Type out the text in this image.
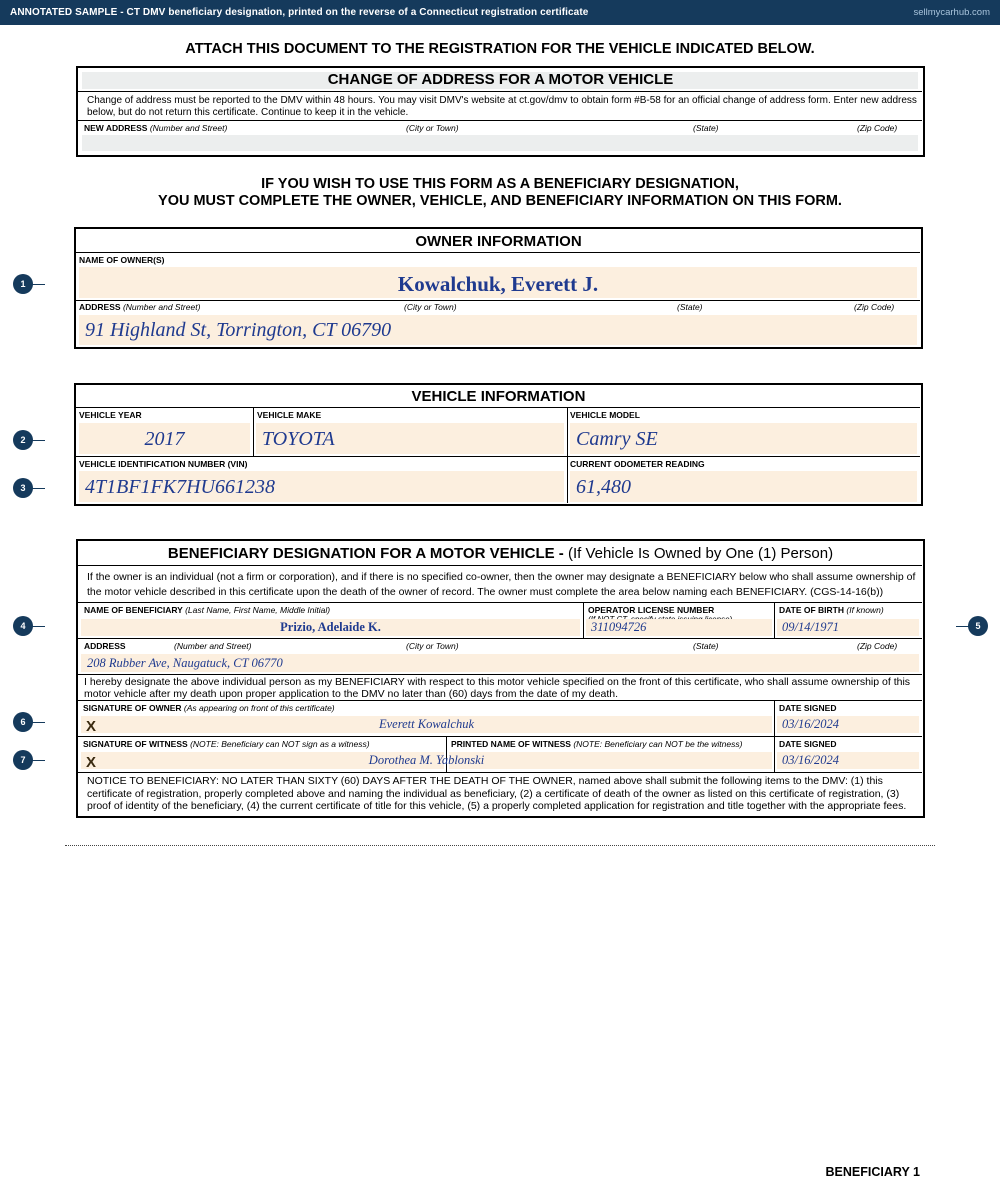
ANNOTATED SAMPLE - CT DMV beneficiary designation, printed on the reverse of a Connecticut registration certificate	sellmycarhub.com
ATTACH THIS DOCUMENT TO THE REGISTRATION FOR THE VEHICLE INDICATED BELOW.
CHANGE OF ADDRESS FOR A MOTOR VEHICLE
Change of address must be reported to the DMV within 48 hours. You may visit DMV's website at ct.gov/dmv to obtain form #B-58 for an official change of address form. Enter new address below, but do not return this certificate. Continue to keep it in the vehicle.
NEW ADDRESS (Number and Street)	(City or Town)	(State)	(Zip Code)
IF YOU WISH TO USE THIS FORM AS A BENEFICIARY DESIGNATION,
YOU MUST COMPLETE THE OWNER, VEHICLE, AND BENEFICIARY INFORMATION ON THIS FORM.
OWNER INFORMATION
NAME OF OWNER(S)
Kowalchuk, Everett J.
ADDRESS (Number and Street)	(City or Town)	(State)	(Zip Code)
91 Highland St, Torrington, CT 06790
VEHICLE INFORMATION
VEHICLE YEAR	VEHICLE MAKE	VEHICLE MODEL
2017	TOYOTA	Camry SE
VEHICLE IDENTIFICATION NUMBER (VIN)	CURRENT ODOMETER READING
4T1BF1FK7HU661238	61,480
BENEFICIARY DESIGNATION FOR A MOTOR VEHICLE - (If Vehicle Is Owned by One (1) Person)
If the owner is an individual (not a firm or corporation), and if there is no specified co-owner, then the owner may designate a BENEFICIARY below who shall assume ownership of the motor vehicle described in this certificate upon the death of the owner of record. The owner must complete the area below naming each BENEFICIARY. (CGS-14-16(b))
NAME OF BENEFICIARY (Last Name, First Name, Middle Initial)	OPERATOR LICENSE NUMBER	DATE OF BIRTH (If known)
Prizio, Adelaide K.	311094726	09/14/1971
ADDRESS	(Number and Street)	(City or Town)	(State)	(Zip Code)
208 Rubber Ave, Naugatuck, CT 06770
I hereby designate the above individual person as my BENEFICIARY with respect to this motor vehicle specified on the front of this certificate, who shall assume ownership of this motor vehicle after my death upon proper application to the DMV no later than (60) days from the date of my death.
SIGNATURE OF OWNER (As appearing on front of this certificate)	DATE SIGNED
X	Everett Kowalchuk	03/16/2024
SIGNATURE OF WITNESS (NOTE: Beneficiary can NOT sign as a witness)	PRINTED NAME OF WITNESS (NOTE: Beneficiary can NOT be the witness)	DATE SIGNED
X	Dorothea M. Yablonski	03/16/2024
NOTICE TO BENEFICIARY: NO LATER THAN SIXTY (60) DAYS AFTER THE DEATH OF THE OWNER, named above shall submit the following items to the DMV: (1) this certificate of registration, properly completed above and naming the individual as beneficiary, (2) a certificate of death of the owner as listed on this certificate of registration, (3) proof of identity of the beneficiary, (4) the current certificate of title for this vehicle, (5) a properly completed application for registration and title together with the appropriate fees.
1
2
3
4	5
6
7
BENEFICIARY 1
